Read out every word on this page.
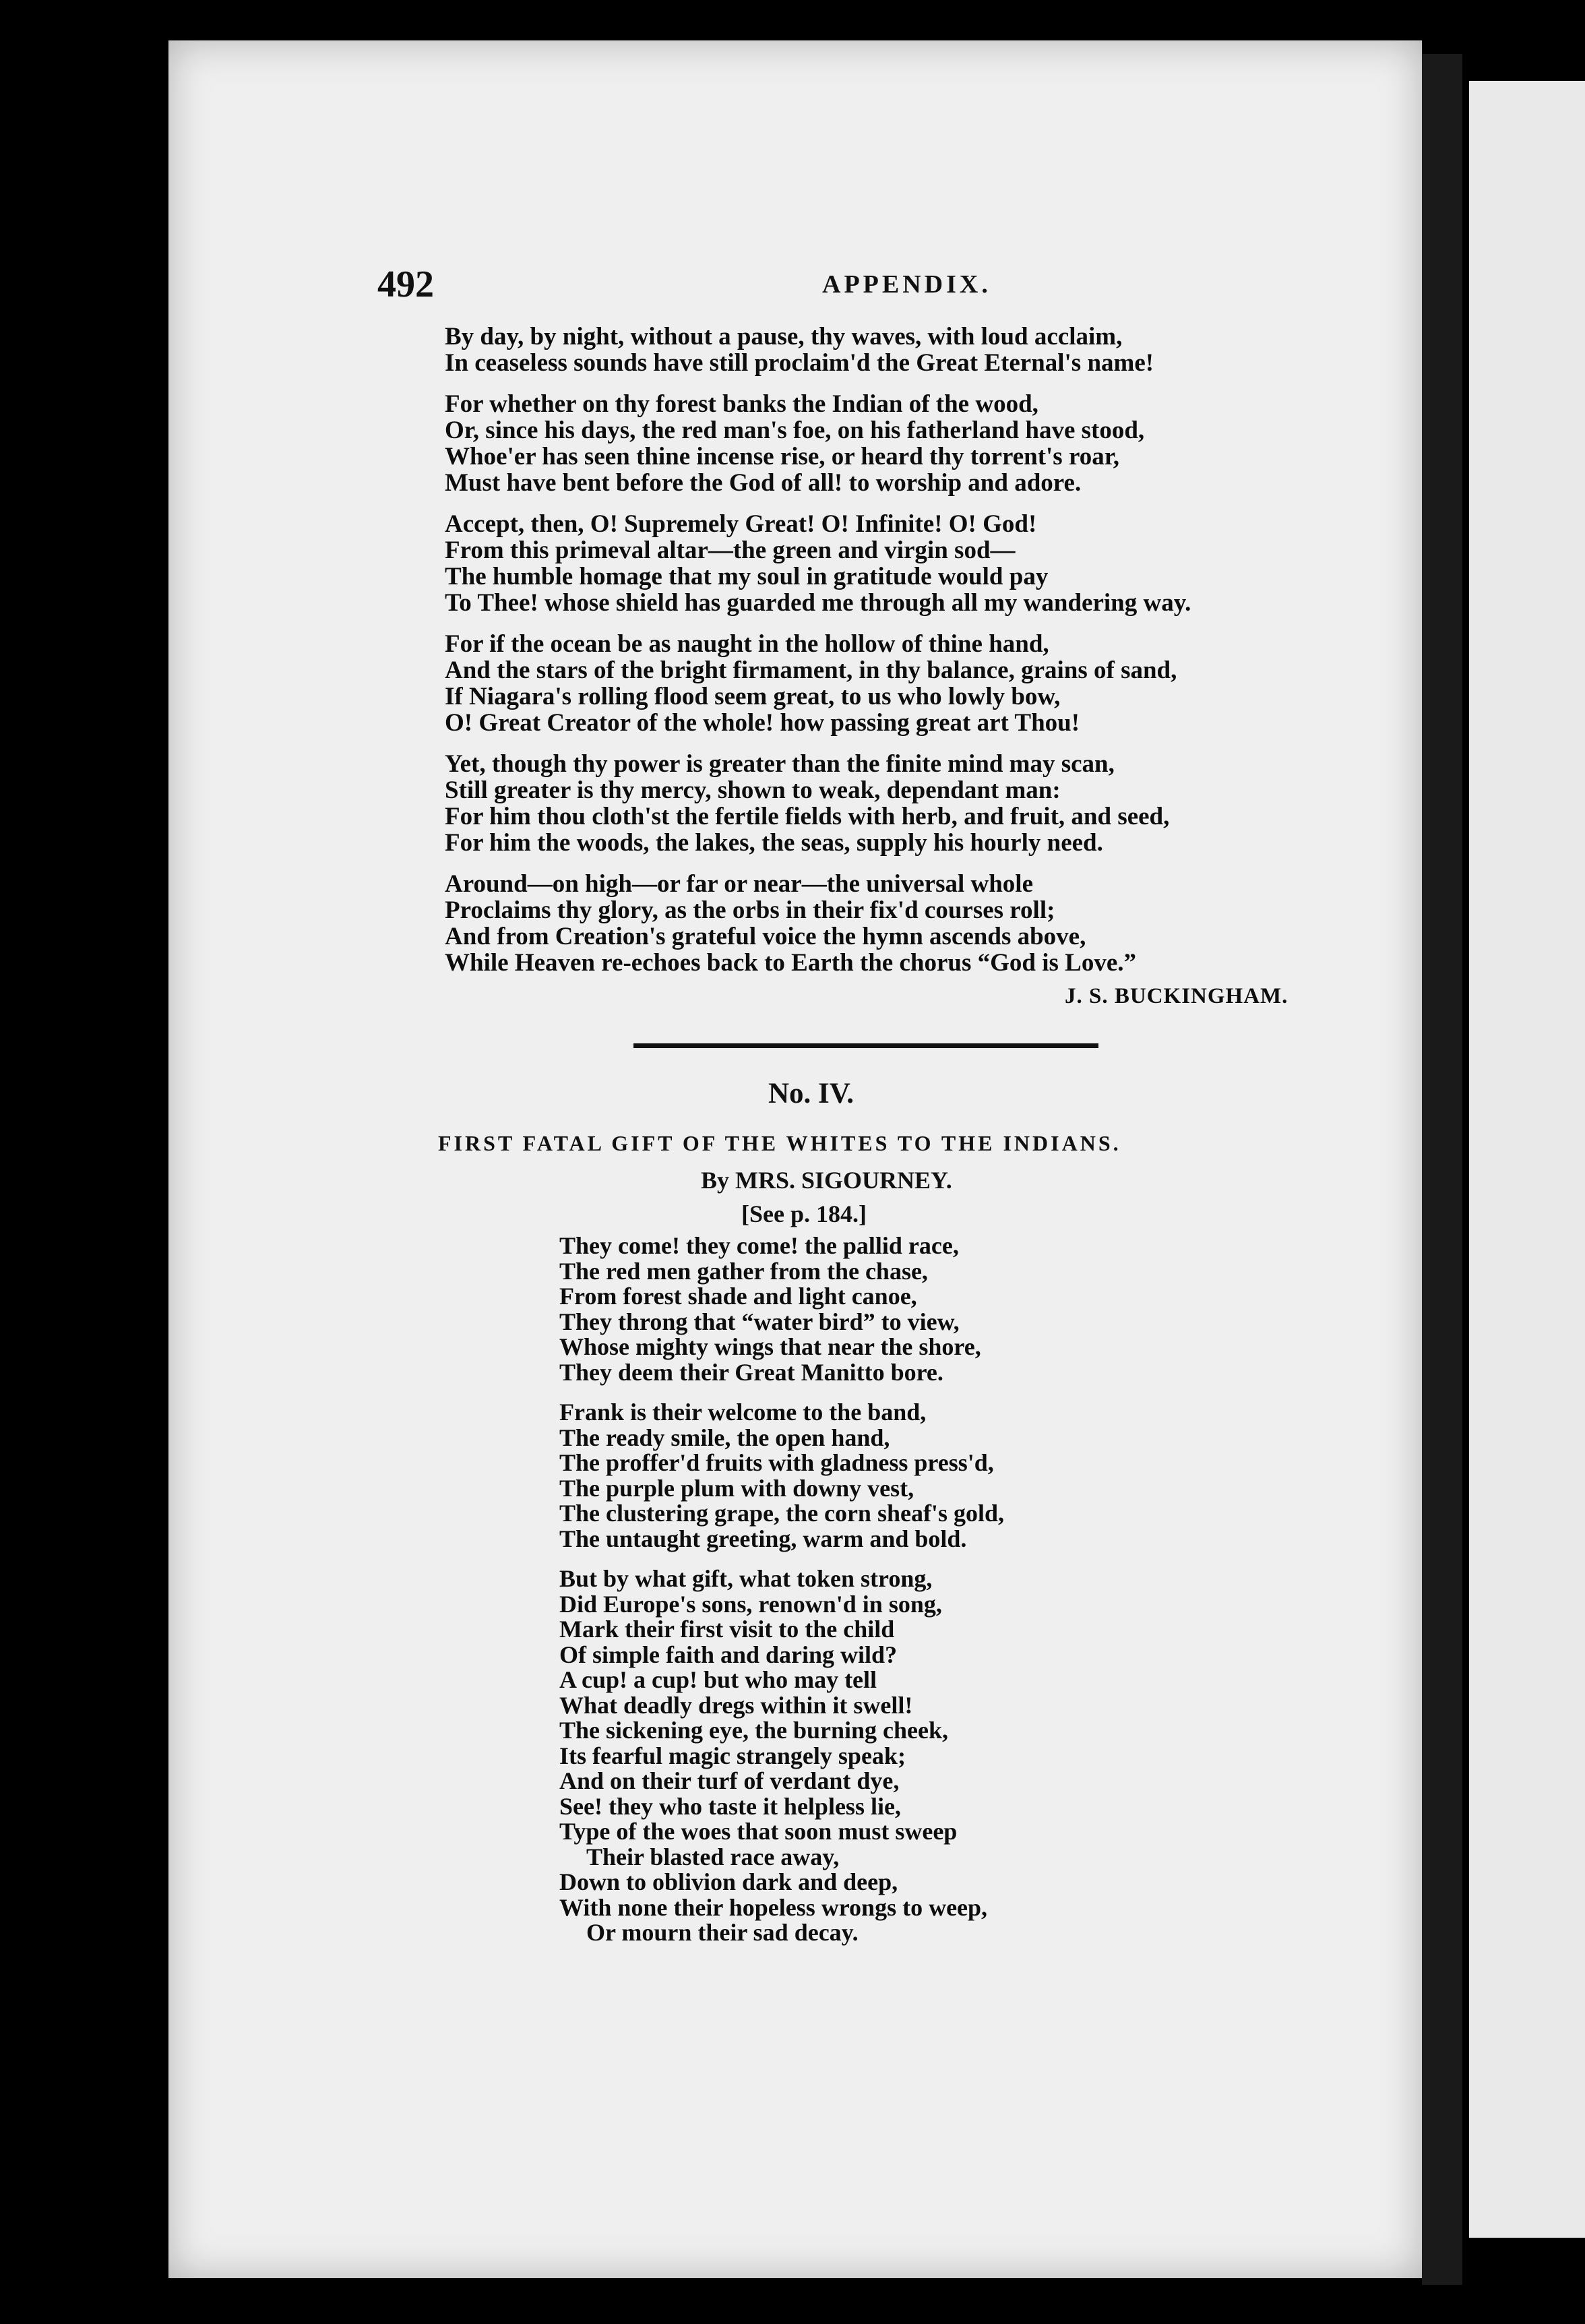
492	APPENDIX.
By day, by night, without a pause, thy waves, with loud acclaim,
In ceaseless sounds have still proclaim'd the Great Eternal's name!
For whether on thy forest banks the Indian of the wood,
Or, since his days, the red man's foe, on his fatherland have stood,
Whoe'er has seen thine incense rise, or heard thy torrent's roar,
Must have bent before the God of all! to worship and adore.
Accept, then, O! Supremely Great! O! Infinite! O! God!
From this primeval altar—the green and virgin sod—
The humble homage that my soul in gratitude would pay
To Thee! whose shield has guarded me through all my wandering way.
For if the ocean be as naught in the hollow of thine hand,
And the stars of the bright firmament, in thy balance, grains of sand,
If Niagara's rolling flood seem great, to us who lowly bow,
O! Great Creator of the whole! how passing great art Thou!
Yet, though thy power is greater than the finite mind may scan,
Still greater is thy mercy, shown to weak, dependant man:
For him thou cloth'st the fertile fields with herb, and fruit, and seed,
For him the woods, the lakes, the seas, supply his hourly need.
Around—on high—or far or near—the universal whole
Proclaims thy glory, as the orbs in their fix'd courses roll;
And from Creation's grateful voice the hymn ascends above,
While Heaven re-echoes back to Earth the chorus “God is Love.”
J. S. BUCKINGHAM.
No. IV.
FIRST FATAL GIFT OF THE WHITES TO THE INDIANS.
By MRS. SIGOURNEY.
[See p. 184.]
They come! they come! the pallid race,
The red men gather from the chase,
From forest shade and light canoe,
They throng that “water bird” to view,
Whose mighty wings that near the shore,
They deem their Great Manitto bore.
Frank is their welcome to the band,
The ready smile, the open hand,
The proffer'd fruits with gladness press'd,
The purple plum with downy vest,
The clustering grape, the corn sheaf's gold,
The untaught greeting, warm and bold.
But by what gift, what token strong,
Did Europe's sons, renown'd in song,
Mark their first visit to the child
Of simple faith and daring wild?
A cup! a cup! but who may tell
What deadly dregs within it swell!
The sickening eye, the burning cheek,
Its fearful magic strangely speak;
And on their turf of verdant dye,
See! they who taste it helpless lie,
Type of the woes that soon must sweep
Their blasted race away,
Down to oblivion dark and deep,
With none their hopeless wrongs to weep,
Or mourn their sad decay.
